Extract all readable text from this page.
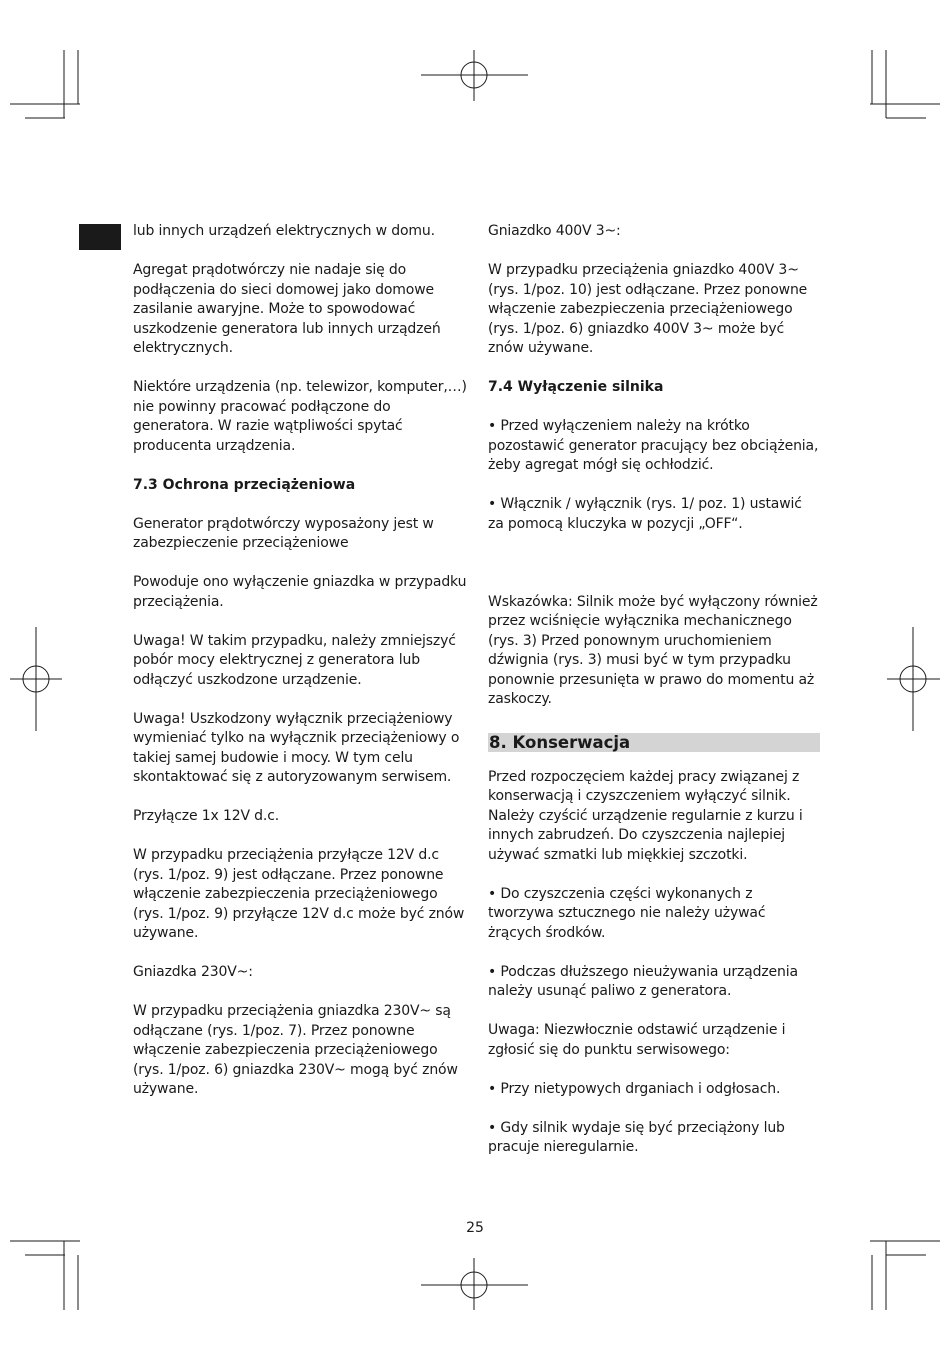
lub innych urządzeń elektrycznych w domu.

Agregat prądotwórczy nie nadaje się do podłączenia do sieci domowej jako domowe zasilanie awaryjne. Może to spowodować uszkodzenie generatora lub innych urządzeń elektrycznych.

Niektóre urządzenia (np. telewizor, komputer,…) nie powinny pracować podłączone do generatora. W razie wątpliwości spytać producenta urządzenia.

7.3 Ochrona przeciążeniowa

Generator prądotwórczy wyposażony jest w zabezpieczenie przeciążeniowe

Powoduje ono wyłączenie gniazdka w przypadku przeciążenia.

Uwaga! W takim przypadku, należy zmniejszyć pobór mocy elektrycznej z generatora lub odłączyć uszkodzone urządzenie.

Uwaga! Uszkodzony wyłącznik przeciążeniowy wymieniać tylko na wyłącznik przeciążeniowy o takiej samej budowie i mocy. W tym celu skontaktować się z autoryzowanym serwisem.

Przyłącze 1x 12V d.c.

W przypadku przeciążenia przyłącze 12V d.c (rys. 1/poz. 9) jest odłączane. Przez ponowne włączenie zabezpieczenia przeciążeniowego (rys. 1/poz. 9) przyłącze 12V d.c może być znów używane.

Gniazdka 230V~:

W przypadku przeciążenia gniazdka 230V~ są odłączane (rys. 1/poz. 7). Przez ponowne włączenie zabezpieczenia przeciążeniowego (rys. 1/poz. 6) gniazdka 230V~ mogą być znów używane.

Gniazdko 400V 3~:

W przypadku przeciążenia gniazdko 400V 3~ (rys. 1/poz. 10) jest odłączane. Przez ponowne włączenie zabezpieczenia przeciążeniowego (rys. 1/poz. 6) gniazdko 400V 3~ może być znów używane.

7.4 Wyłączenie silnika

• Przed wyłączeniem należy na krótko pozostawić generator pracujący bez obciążenia, żeby agregat mógł się ochłodzić.

• Włącznik / wyłącznik (rys. 1/ poz. 1) ustawić za pomocą kluczyka w pozycji „OFF“.

Wskazówka: Silnik może być wyłączony również przez wciśnięcie wyłącznika mechanicznego (rys. 3) Przed ponownym uruchomieniem dźwignia (rys. 3) musi być w tym przypadku ponownie przesunięta w prawo do momentu aż zaskoczy.

8. Konserwacja

Przed rozpoczęciem każdej pracy związanej z konserwacją i czyszczeniem wyłączyć silnik. Należy czyścić urządzenie regularnie z kurzu i innych zabrudzeń. Do czyszczenia najlepiej używać szmatki lub miękkiej szczotki.

• Do czyszczenia części wykonanych z tworzywa sztucznego nie należy używać żrących środków.

• Podczas dłuższego nieużywania urządzenia należy usunąć paliwo z generatora.

Uwaga: Niezwłocznie odstawić urządzenie i zgłosić się do punktu serwisowego:

• Przy nietypowych drganiach i odgłosach.

• Gdy silnik wydaje się być przeciążony lub pracuje nieregularnie.

25
